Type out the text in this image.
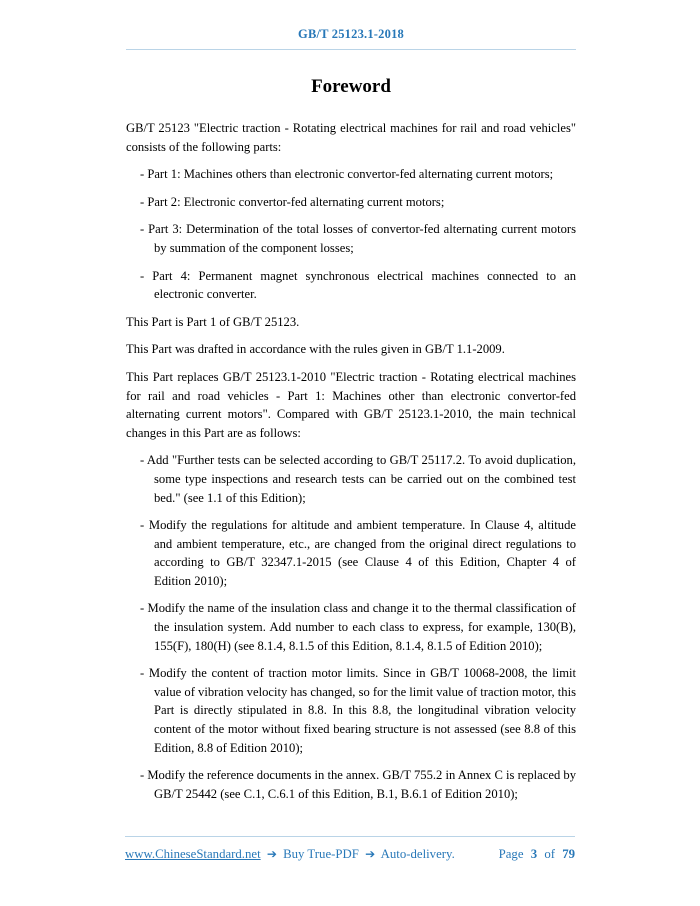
GB/T 25123.1-2018
Foreword

GB/T 25123 "Electric traction - Rotating electrical machines for rail and road vehicles" consists of the following parts:

- Part 1: Machines others than electronic convertor-fed alternating current motors;

- Part 2: Electronic convertor-fed alternating current motors;

- Part 3: Determination of the total losses of convertor-fed alternating current motors by summation of the component losses;

- Part 4: Permanent magnet synchronous electrical machines connected to an electronic converter.

This Part is Part 1 of GB/T 25123.

This Part was drafted in accordance with the rules given in GB/T 1.1-2009.

This Part replaces GB/T 25123.1-2010 "Electric traction - Rotating electrical machines for rail and road vehicles - Part 1: Machines other than electronic convertor-fed alternating current motors". Compared with GB/T 25123.1-2010, the main technical changes in this Part are as follows:

- Add "Further tests can be selected according to GB/T 25117.2. To avoid duplication, some type inspections and research tests can be carried out on the combined test bed." (see 1.1 of this Edition);

- Modify the regulations for altitude and ambient temperature. In Clause 4, altitude and ambient temperature, etc., are changed from the original direct regulations to according to GB/T 32347.1-2015 (see Clause 4 of this Edition, Chapter 4 of Edition 2010);

- Modify the name of the insulation class and change it to the thermal classification of the insulation system. Add number to each class to express, for example, 130(B), 155(F), 180(H) (see 8.1.4, 8.1.5 of this Edition, 8.1.4, 8.1.5 of Edition 2010);

- Modify the content of traction motor limits. Since in GB/T 10068-2008, the limit value of vibration velocity has changed, so for the limit value of traction motor, this Part is directly stipulated in 8.8. In this 8.8, the longitudinal vibration velocity content of the motor without fixed bearing structure is not assessed (see 8.8 of this Edition, 8.8 of Edition 2010);

- Modify the reference documents in the annex. GB/T 755.2 in Annex C is replaced by GB/T 25442 (see C.1, C.6.1 of this Edition, B.1, B.6.1 of Edition 2010);

www.ChineseStandard.net ➔ Buy True-PDF ➔ Auto-delivery.	Page 3 of 79
